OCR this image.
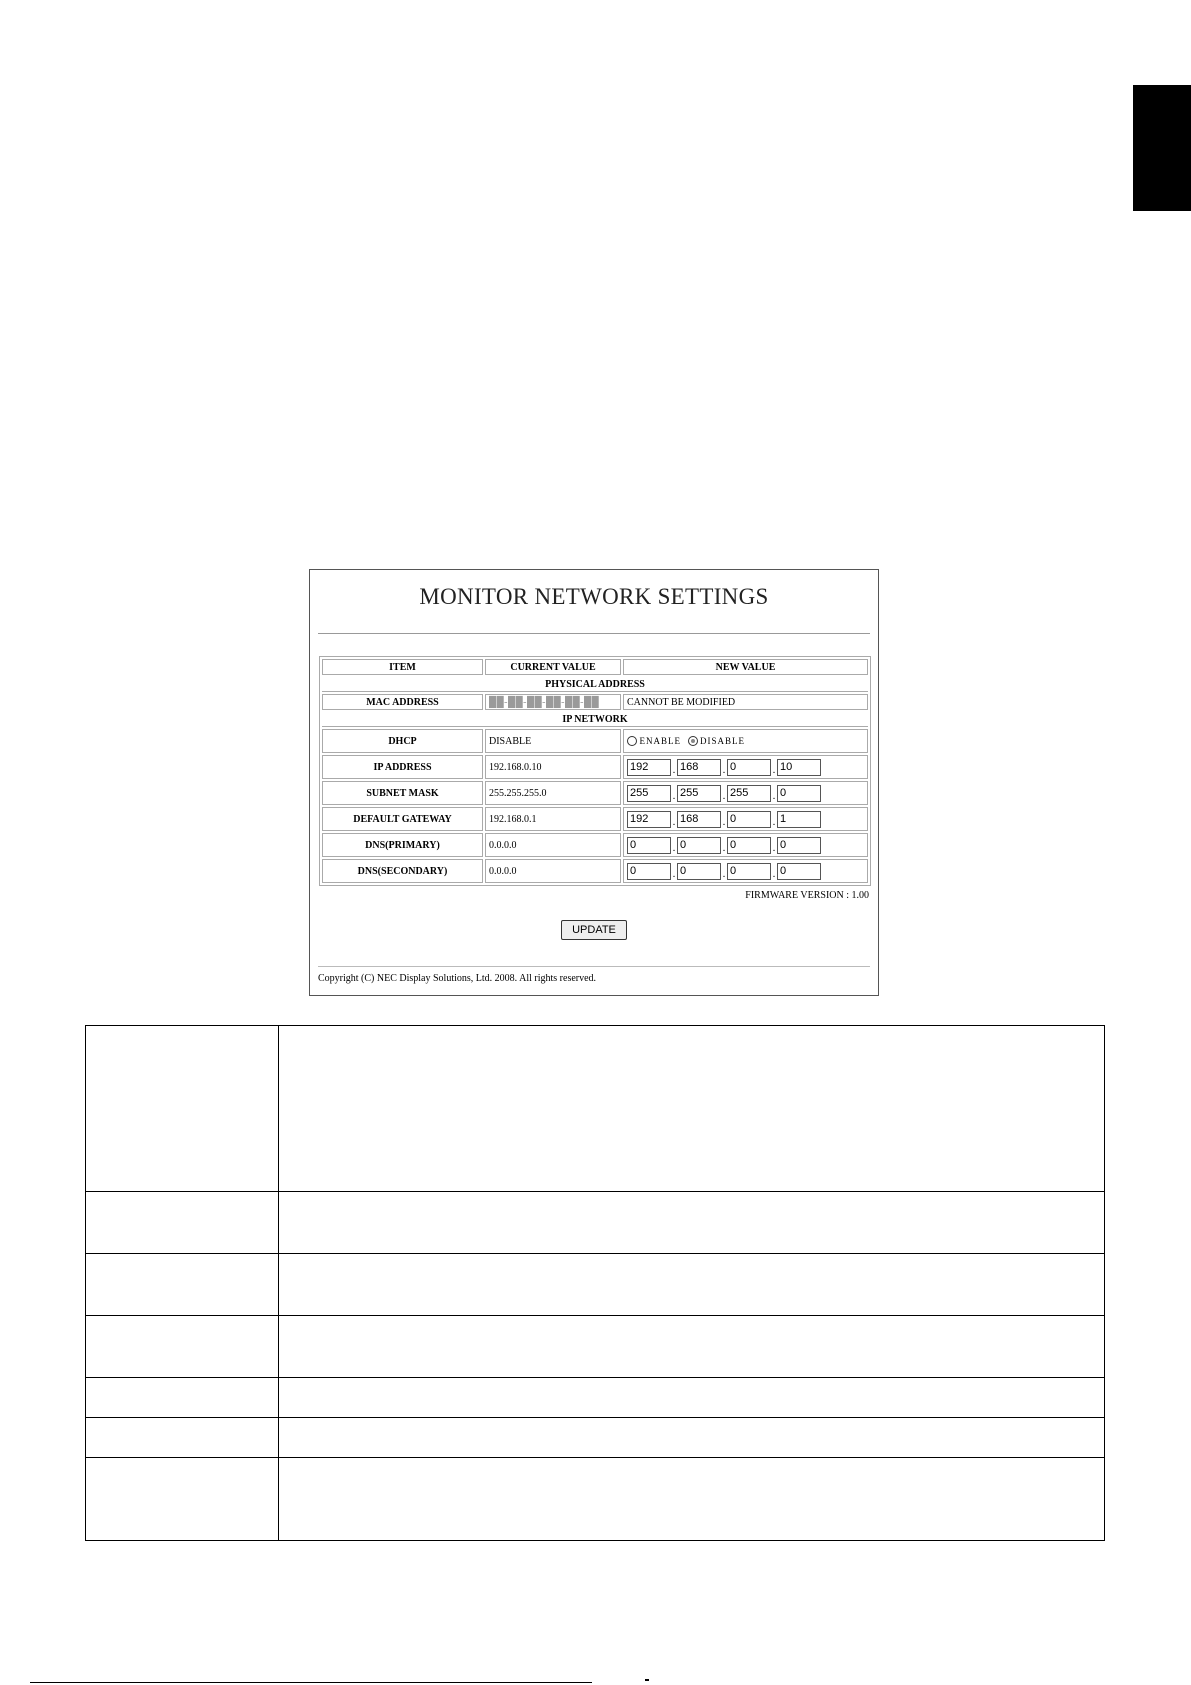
MONITOR NETWORK SETTINGS
ITEM	CURRENT VALUE	NEW VALUE
PHYSICAL ADDRESS		
MAC ADDRESS	██-██-██-██-██-██	CANNOT BE MODIFIED
IP NETWORK		
DHCP	DISABLE	ENABLE DISABLE
IP ADDRESS	192.168.0.10	192 . 168 . 0 . 10
SUBNET MASK	255.255.255.0	255 . 255 . 255 . 0
DEFAULT GATEWAY	192.168.0.1	192 . 168 . 0 . 1
DNS(PRIMARY)	0.0.0.0	0 . 0 . 0 . 0
DNS(SECONDARY)	0.0.0.0	0 . 0 . 0 . 0
FIRMWARE VERSION : 1.00
UPDATE
Copyright (C) NEC Display Solutions, Ltd. 2008. All rights reserved.
